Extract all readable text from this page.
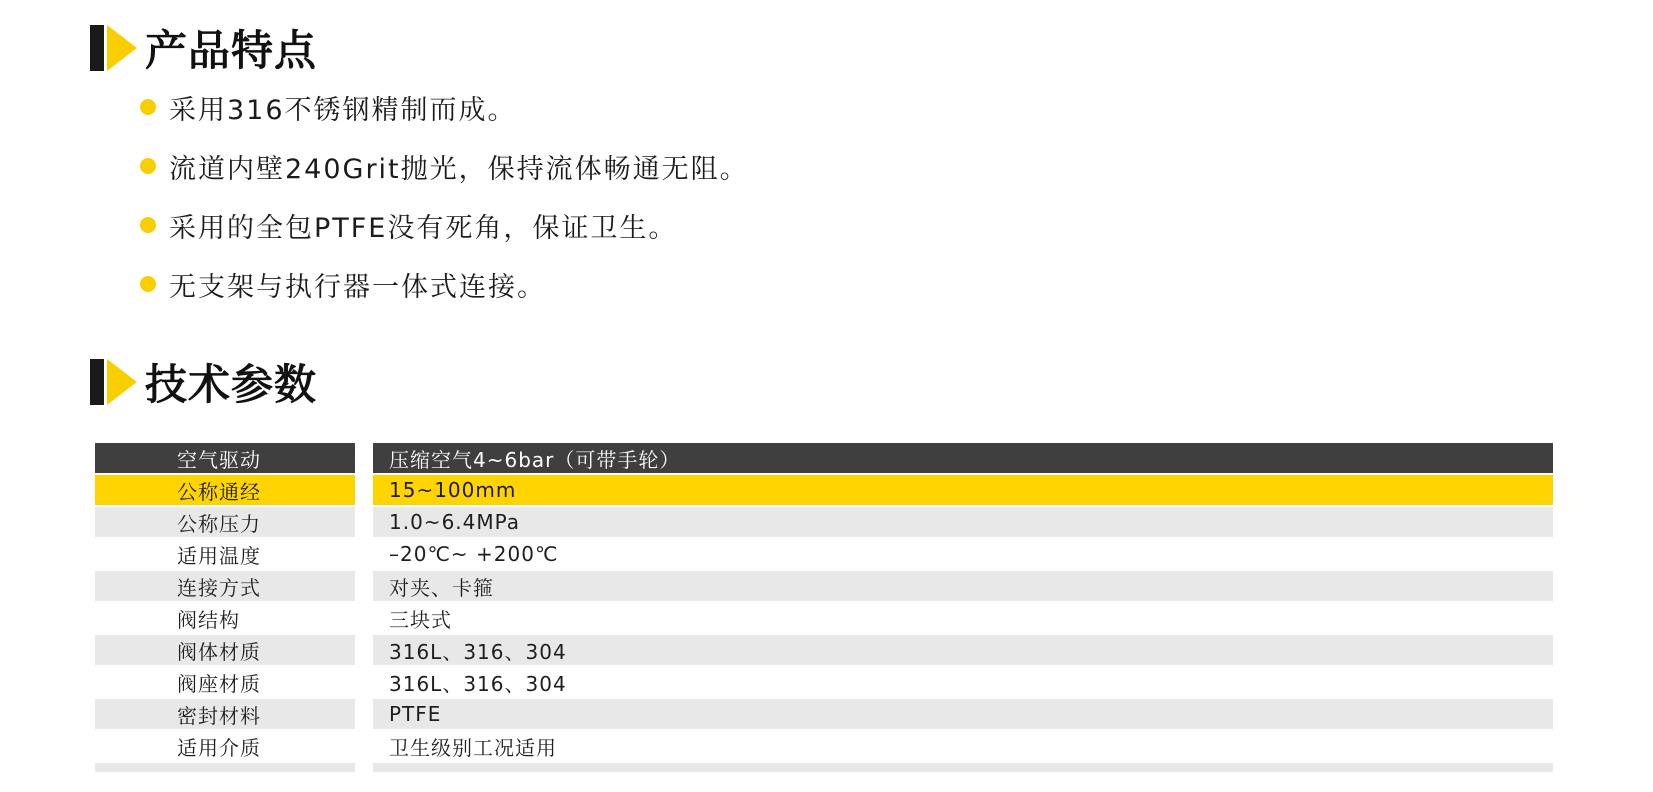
产品特点
采用316不锈钢精制而成。
流道内壁240Grit抛光，保持流体畅通无阻。
采用的全包PTFE没有死角，保证卫生。
无支架与执行器一体式连接。
技术参数
空气驱动	压缩空气4~6bar（可带手轮）
公称通经	15~100mm
公称压力	1.0~6.4MPa
适用温度	–20℃~ +200℃
连接方式	对夹、卡箍
阀结构	三块式
阀体材质	316L、316、304
阀座材质	316L、316、304
密封材料	PTFE
适用介质	卫生级别工况适用
